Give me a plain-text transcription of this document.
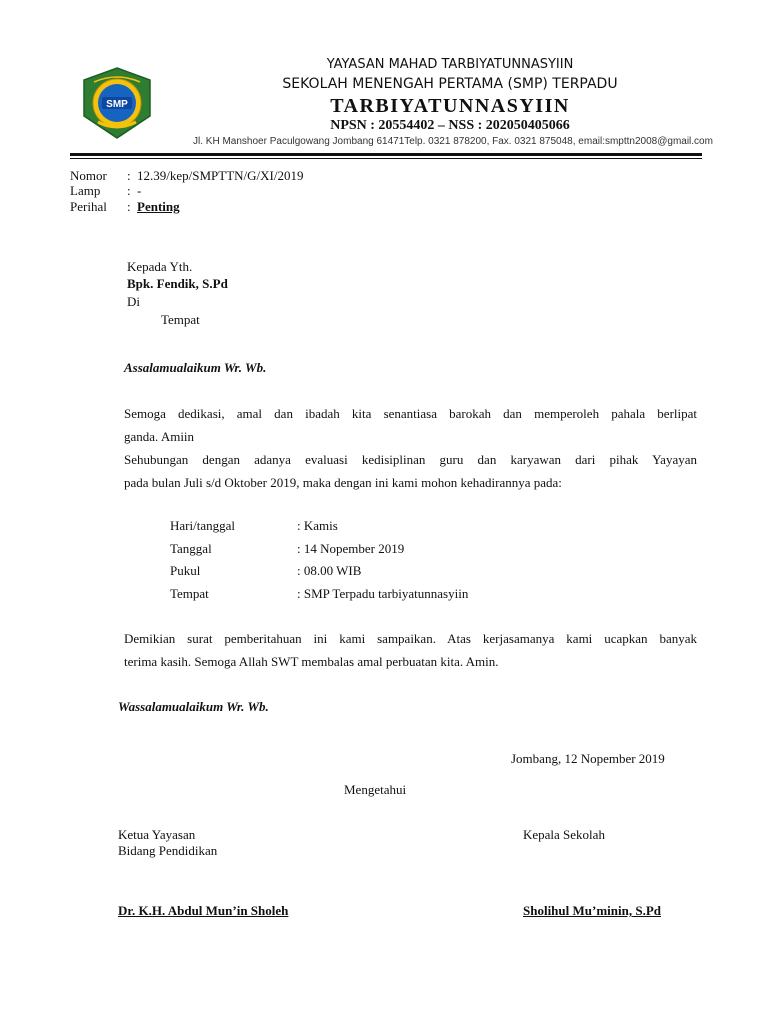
SMP
YAYASAN MAHAD TARBIYATUNNASYIIN
SEKOLAH MENENGAH PERTAMA (SMP) TERPADU
TARBIYATUNNASYIIN
NPSN : 20554402 – NSS : 202050405066
Jl. KH Manshoer Paculgowang Jombang 61471Telp. 0321 878200, Fax. 0321 875048, email:smpttn2008@gmail.com
Nomor : 12.39/kep/SMPTTN/G/XI/2019
Lamp : -
Perihal : Penting
Kepada Yth.
Bpk. Fendik, S.Pd
Di
Tempat
Assalamualaikum Wr. Wb.

Semoga dedikasi, amal dan ibadah kita senantiasa barokah dan memperoleh pahala berlipat

ganda. Amiin

Sehubungan dengan adanya evaluasi kedisiplinan guru dan karyawan dari pihak Yayayan

pada bulan Juli s/d Oktober 2019, maka dengan ini kami mohon kehadirannya pada:

Hari/tanggal	: Kamis
Tanggal	: 14 Nopember 2019
Pukul	: 08.00 WIB
Tempat	: SMP Terpadu tarbiyatunnasyiin

Demikian surat pemberitahuan ini kami sampaikan. Atas kerjasamanya kami ucapkan banyak

terima kasih. Semoga Allah SWT membalas amal perbuatan kita. Amin.

Wassalamualaikum Wr. Wb.
Jombang, 12 Nopember 2019
Mengetahui
Ketua Yayasan
Bidang Pendidikan
Kepala Sekolah
Dr. K.H. Abdul Mun’in Sholeh	Sholihul Mu’minin, S.Pd
